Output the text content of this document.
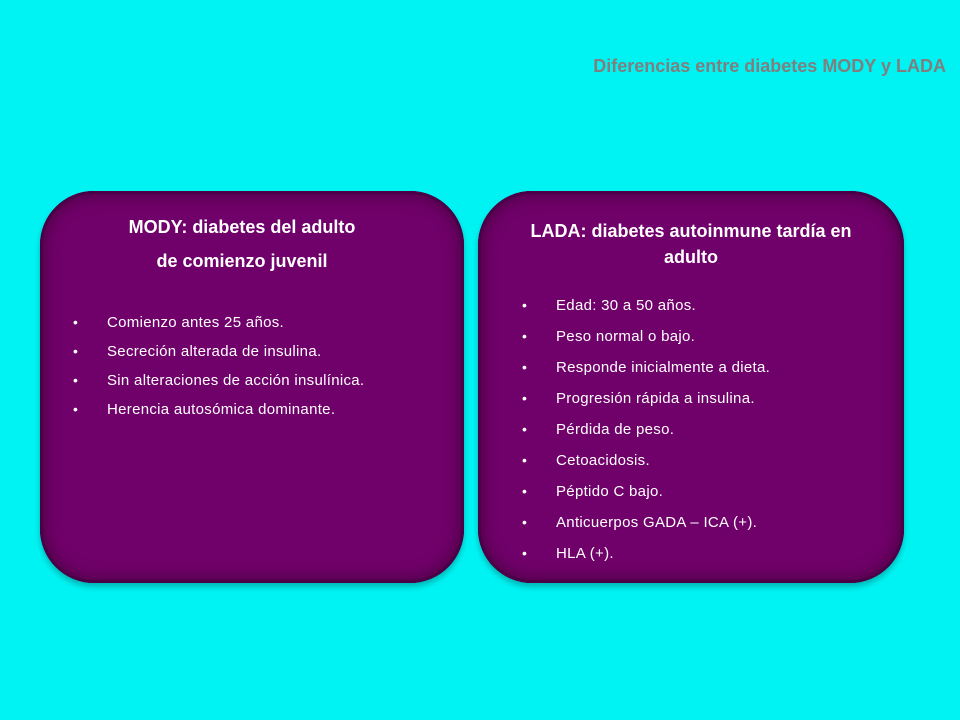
Diferencias entre diabetes MODY y LADA

MODY: diabetes del adulto
de comienzo juvenil

• Comienzo antes 25 años.
• Secreción alterada de insulina.
• Sin alteraciones de acción insulínica.
• Herencia autosómica dominante.

LADA: diabetes autoinmune tardía en
adulto

• Edad: 30 a 50 años.
• Peso normal o bajo.
• Responde inicialmente a dieta.
• Progresión rápida a insulina.
• Pérdida de peso.
• Cetoacidosis.
• Péptido C bajo.
• Anticuerpos GADA – ICA (+).
• HLA (+).
